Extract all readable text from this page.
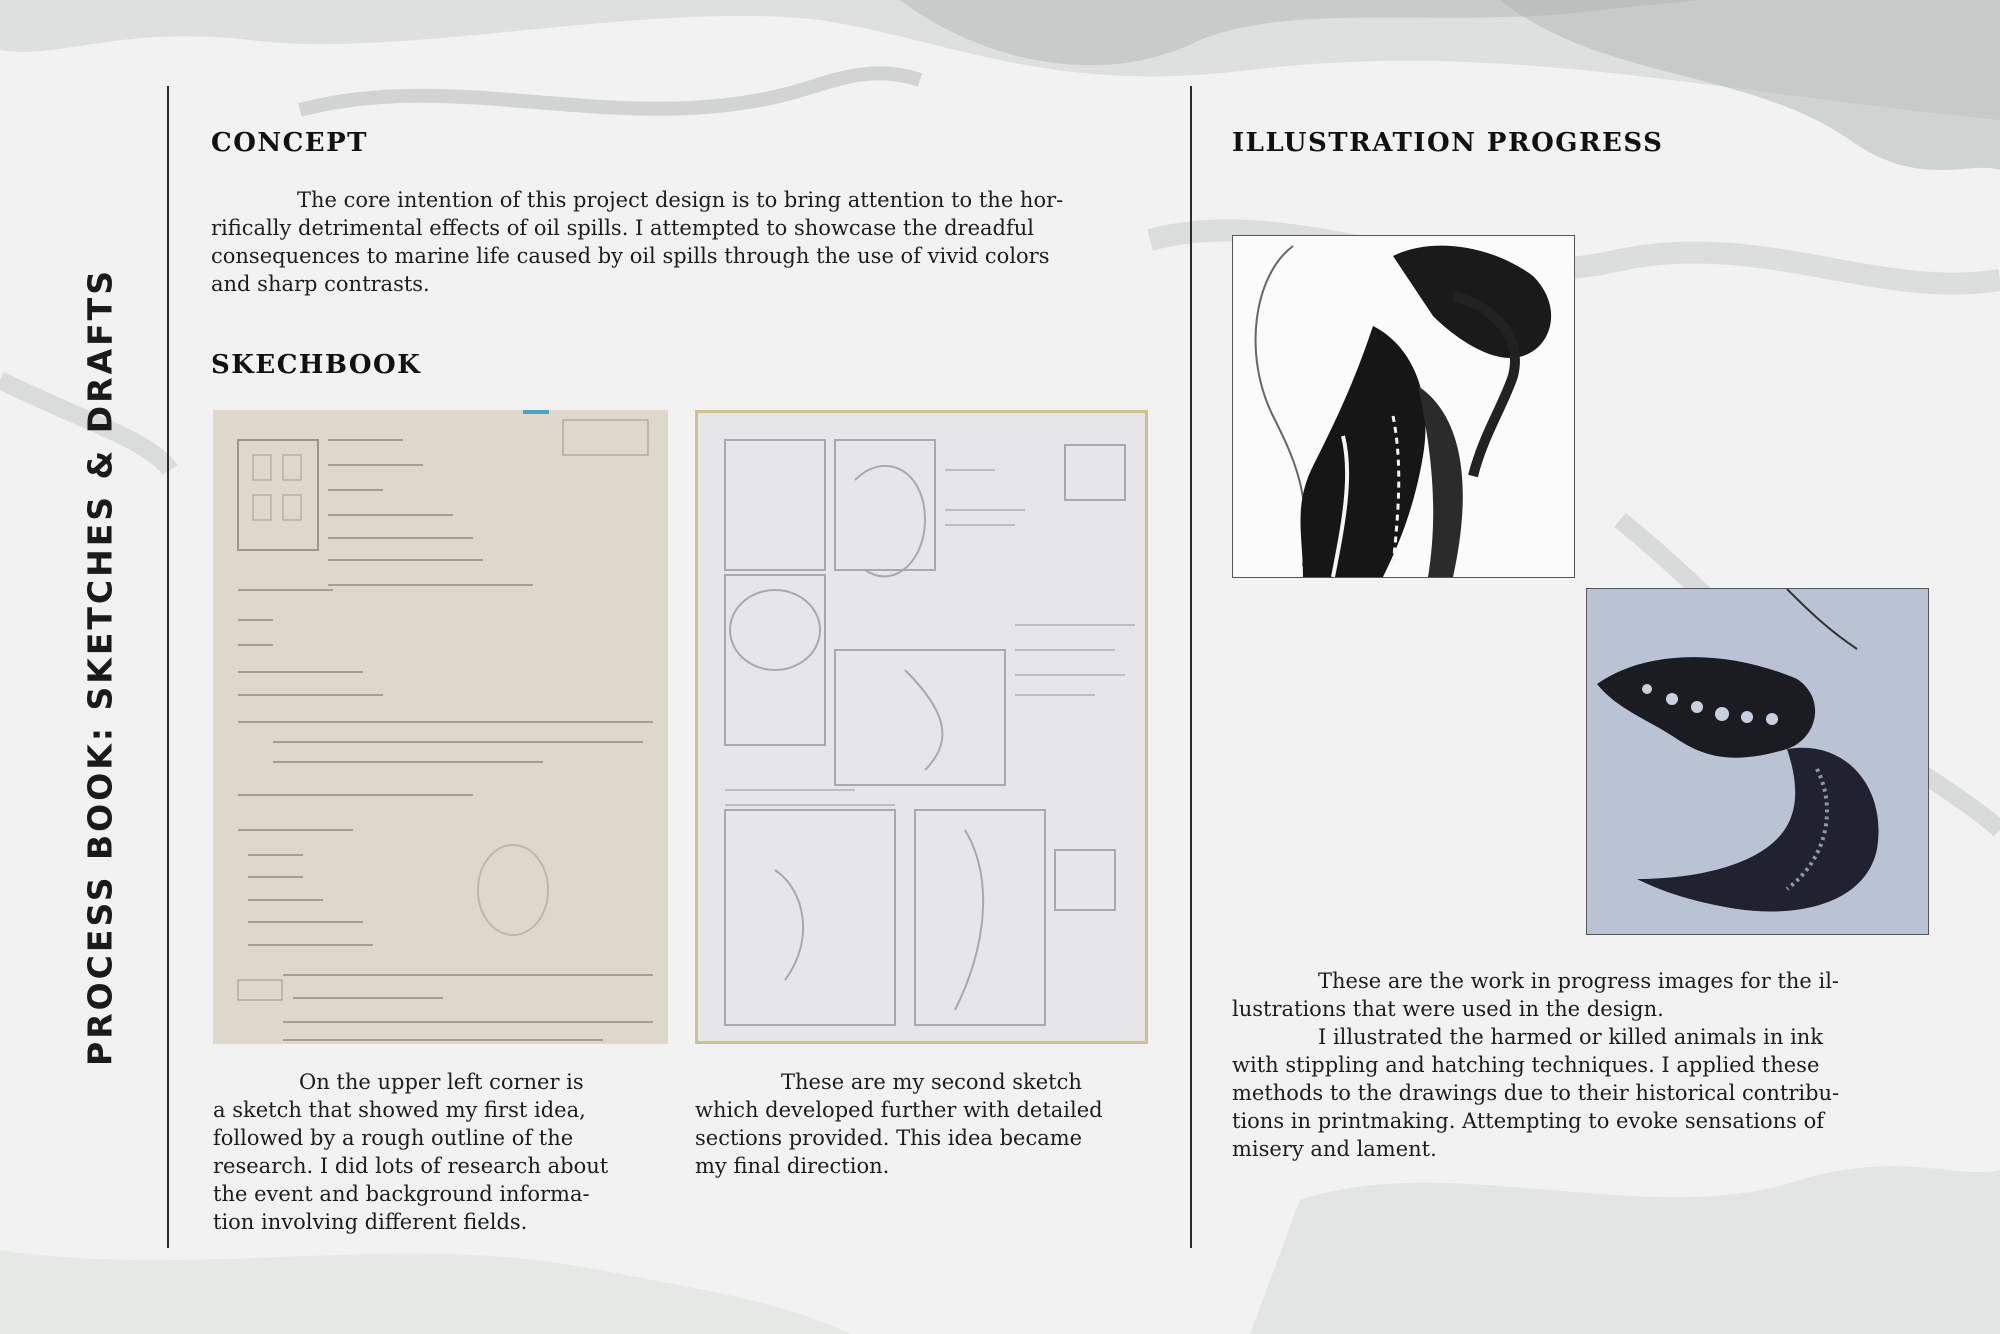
PROCESS BOOK: SKETCHES & DRAFTS
CONCEPT
The core intention of this project design is to bring attention to the hor-
rifically detrimental effects of oil spills. I attempted to showcase the dreadful
consequences to marine life caused by oil spills through the use of vivid colors
and sharp contrasts.
SKECHBOOK
On the upper left corner is
a sketch that showed my first idea,
followed by a rough outline of the
research. I did lots of research about
the event and background informa-
tion involving different fields.
These are my second sketch
which developed further with detailed
sections provided. This idea became
my final direction.
ILLUSTRATION PROGRESS
These are the work in progress images for the il-
lustrations that were used in the design.
I illustrated the harmed or killed animals in ink
with stippling and hatching techniques. I applied these
methods to the drawings due to their historical contribu-
tions in printmaking. Attempting to evoke sensations of
misery and lament.
